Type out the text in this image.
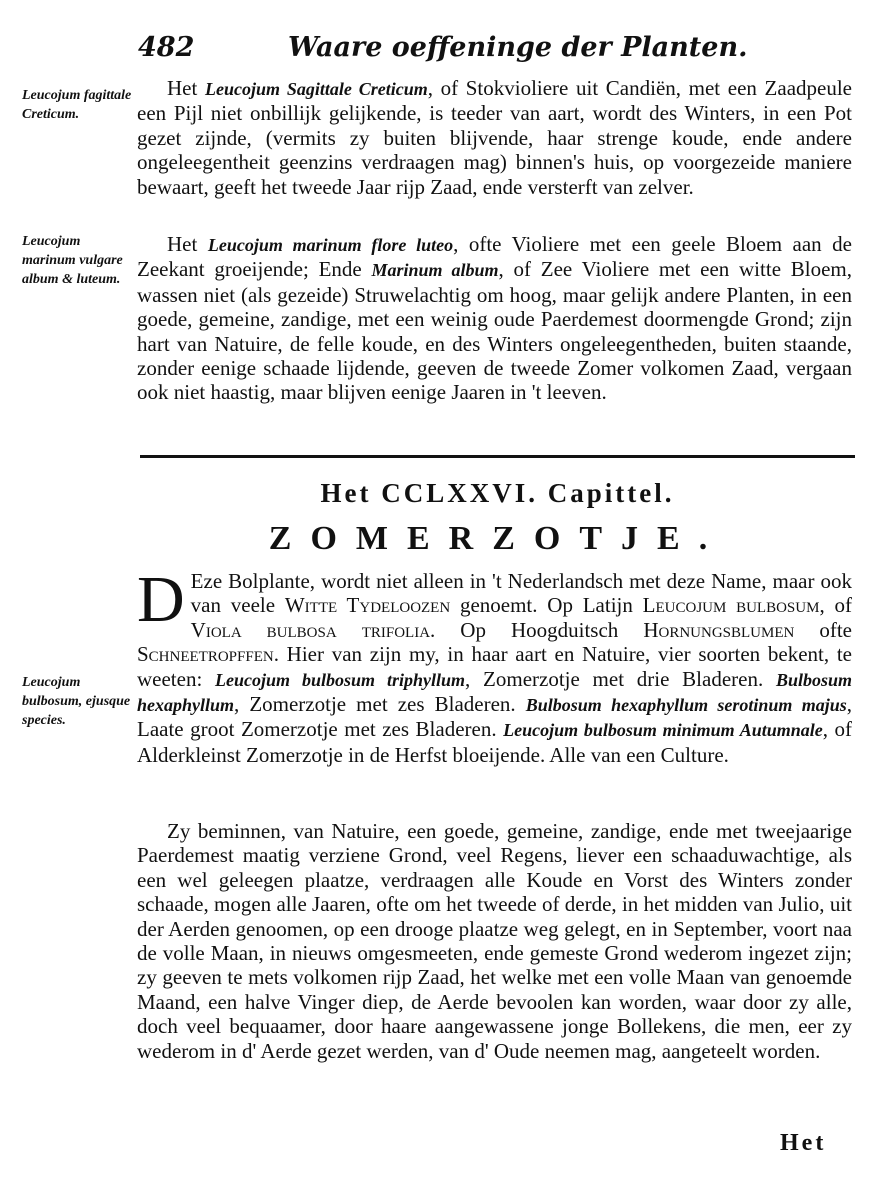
482	Waare oeffeninge der Planten.
Leucojum fagittale Creticum.
Leucojum marinum vulgare album & luteum.
Leucojum bulbosum, ejusque species.

Het Leucojum Sagittale Creticum, of Stokvioliere uit Candiën, met een Zaadpeule een Pijl niet onbillijk gelijkende, is teeder van aart, wordt des Winters, in een Pot gezet zijnde, (vermits zy buiten blijvende, haar strenge koude, ende andere ongeleegentheit geenzins verdraagen mag) binnen's huis, op voorgezeide maniere bewaart, geeft het tweede Jaar rijp Zaad, ende versterft van zelver.

Het Leucojum marinum flore luteo, ofte Violiere met een geele Bloem aan de Zeekant groeijende; Ende Marinum album, of Zee Violiere met een witte Bloem, wassen niet (als gezeide) Struwelachtig om hoog, maar gelijk andere Planten, in een goede, gemeine, zandige, met een weinig oude Paerdemest doormengde Grond; zijn hart van Natuire, de felle koude, en des Winters ongeleegentheden, buiten staande, zonder eenige schaade lijdende, geeven de tweede Zomer volkomen Zaad, vergaan ook niet haastig, maar blijven eenige Jaaren in 't leeven.

Het CCLXXVI. Capittel.
ZOMERZOTJE.

D Eze Bolplante, wordt niet alleen in 't Nederlandsch met deze Name, maar ook van veele Witte Tydeloozen genoemt. Op Latijn Leucojum bulbosum, of Viola bulbosa trifolia. Op Hoogduitsch Hornungsblumen ofte Schneetropffen. Hier van zijn my, in haar aart en Natuire, vier soorten bekent, te weeten: Leucojum bulbosum triphyllum, Zomerzotje met drie Bladeren. Bulbosum hexaphyllum, Zomerzotje met zes Bladeren. Bulbosum hexaphyllum serotinum majus, Laate groot Zomerzotje met zes Bladeren. Leucojum bulbosum minimum Autumnale, of Alderkleinst Zomerzotje in de Herfst bloeijende. Alle van een Culture.

Zy beminnen, van Natuire, een goede, gemeine, zandige, ende met tweejaarige Paerdemest maatig verziene Grond, veel Regens, liever een schaaduwachtige, als een wel geleegen plaatze, verdraagen alle Koude en Vorst des Winters zonder schaade, mogen alle Jaaren, ofte om het tweede of derde, in het midden van Julio, uit der Aerden genoomen, op een drooge plaatze weg gelegt, en in September, voort naa de volle Maan, in nieuws omgesmeeten, ende gemeste Grond wederom ingezet zijn; zy geeven te mets volkomen rijp Zaad, het welke met een volle Maan van genoemde Maand, een halve Vinger diep, de Aerde bevoolen kan worden, waar door zy alle, doch veel bequaamer, door haare aangewassene jonge Bollekens, die men, eer zy wederom in d' Aerde gezet werden, van d' Oude neemen mag, aangeteelt worden.

Het
